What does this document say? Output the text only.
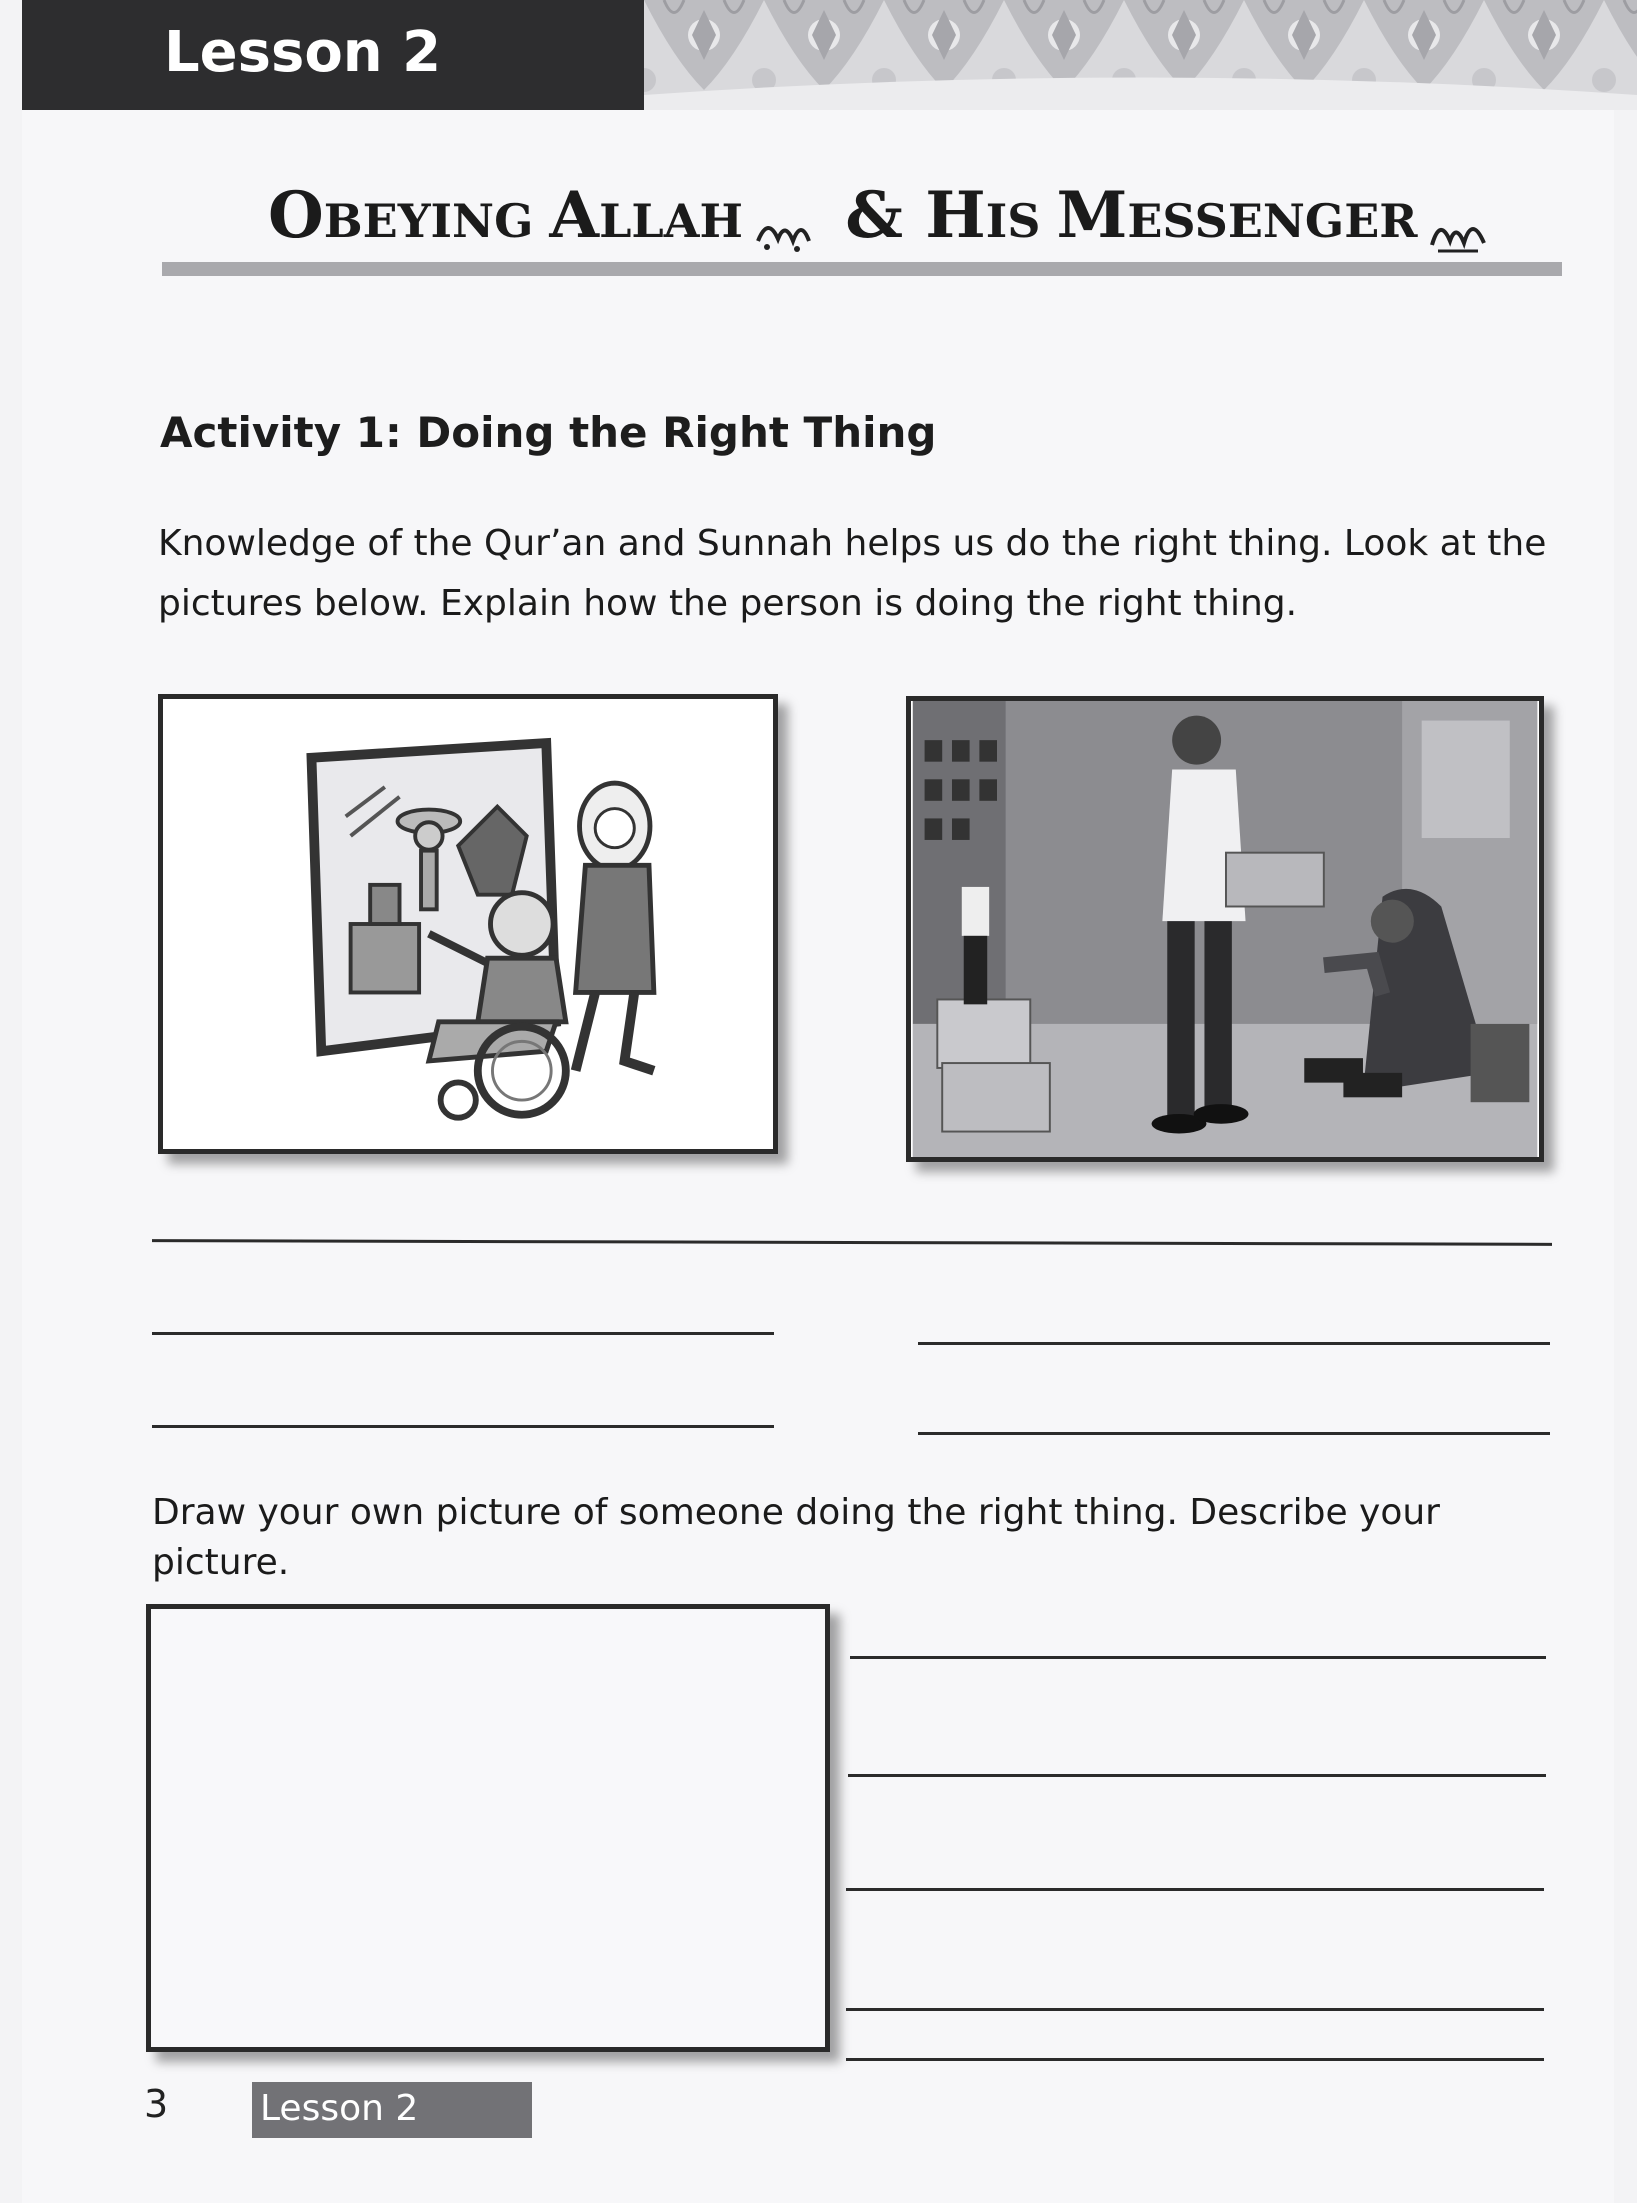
Lesson 2
OBEYING ALLAH & HIS MESSENGER
Activity 1: Doing the Right Thing
Knowledge of the Qur’an and Sunnah helps us do the right thing. Look at the pictures below. Explain how the person is doing the right thing.
Draw your own picture of someone doing the right thing. Describe your picture.
3	Lesson 2
